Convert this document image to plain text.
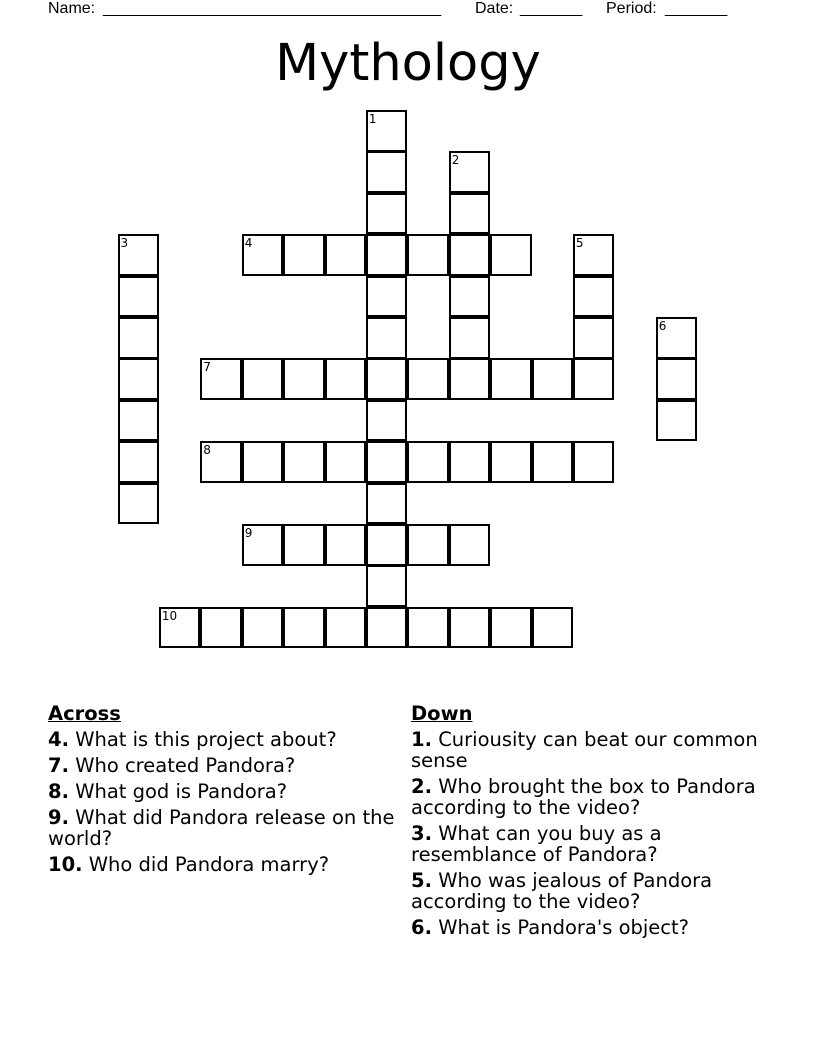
Name: ______________________________________ Date: _______ Period: _______
Mythology
1
2
3	4	5
6
7
8
9
10
Across
4. What is this project about?
7. Who created Pandora?
8. What god is Pandora?
9. What did Pandora release on the world?
10. Who did Pandora marry?
Down
1. Curiousity can beat our common sense
2. Who brought the box to Pandora according to the video?
3. What can you buy as a resemblance of Pandora?
5. Who was jealous of Pandora according to the video?
6. What is Pandora's object?
